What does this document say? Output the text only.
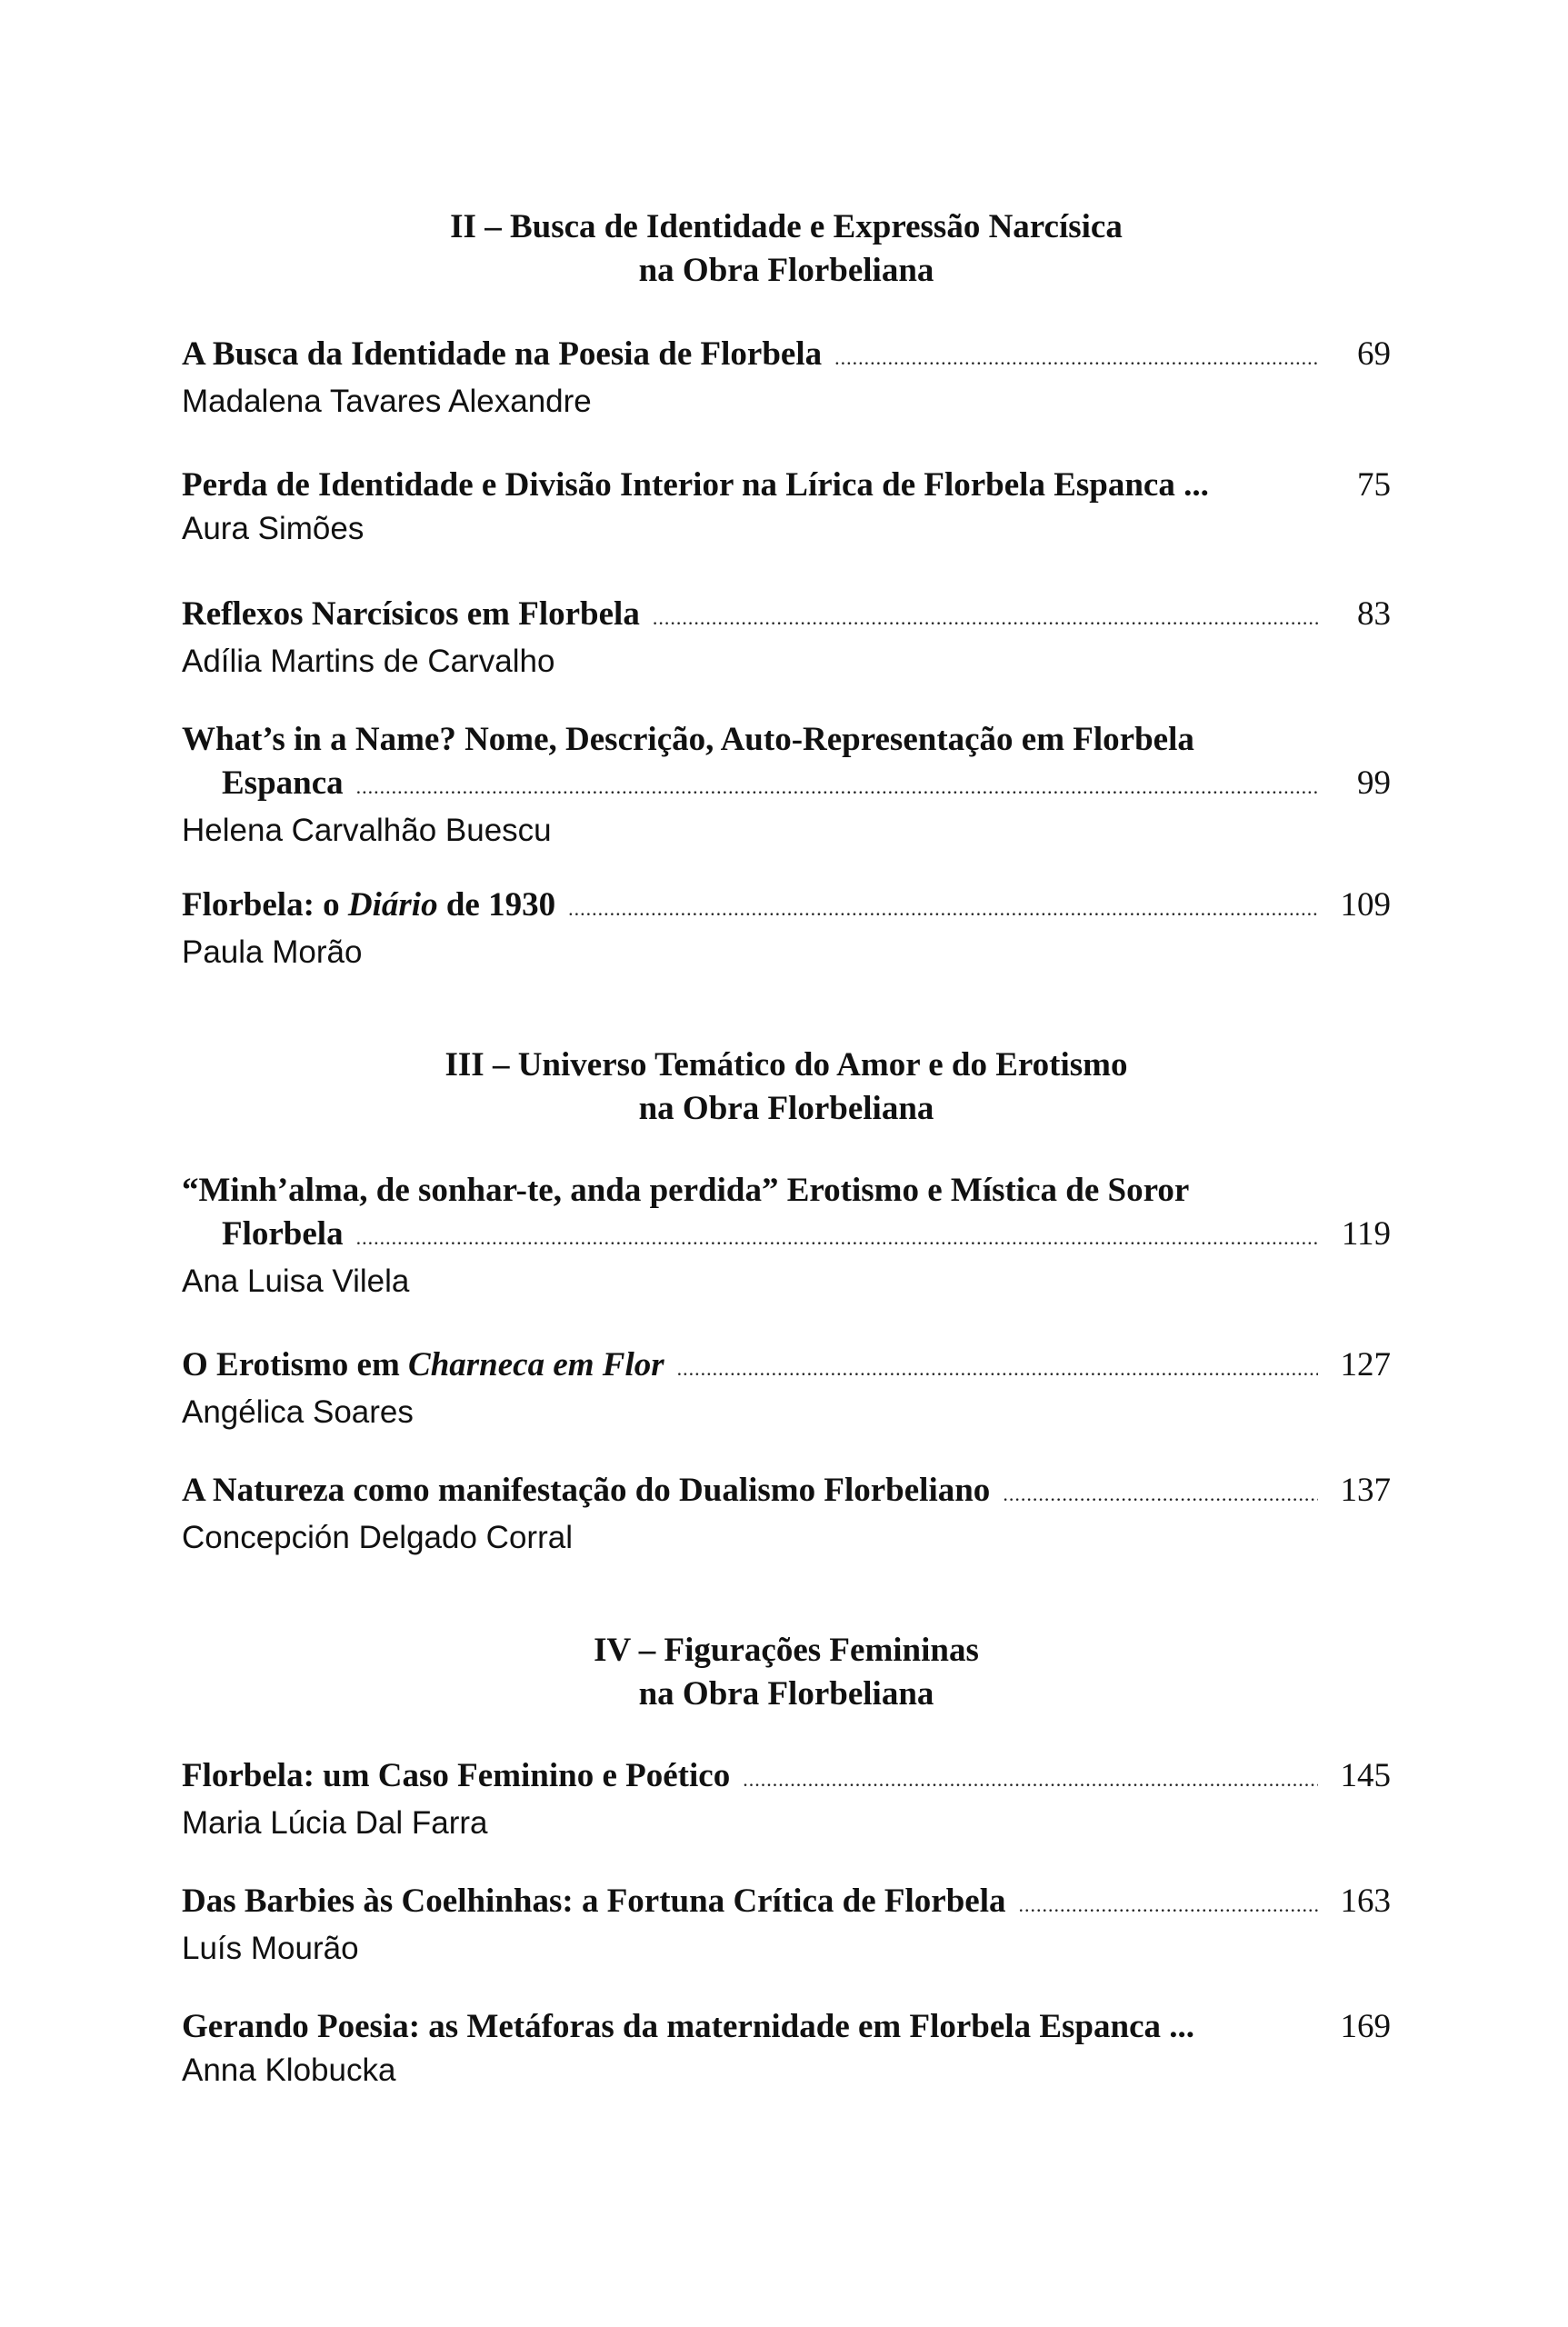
II – Busca de Identidade e Expressão Narcísica
na Obra Florbeliana
A Busca da Identidade na Poesia de Florbela .....	69
Madalena Tavares Alexandre
Perda de Identidade e Divisão Interior na Lírica de Florbela Espanca ...	75
Aura Simões
Reflexos Narcísicos em Florbela .....	83
Adília Martins de Carvalho
What’s in a Name? Nome, Descrição, Auto-Representação em Florbela
Espanca .....	99
Helena Carvalhão Buescu
Florbela: o Diário de 1930 .....	109
Paula Morão
III – Universo Temático do Amor e do Erotismo
na Obra Florbeliana
“Minh’alma, de sonhar-te, anda perdida” Erotismo e Mística de Soror
Florbela .....	119
Ana Luisa Vilela
O Erotismo em Charneca em Flor .....	127
Angélica Soares
A Natureza como manifestação do Dualismo Florbeliano .....	137
Concepción Delgado Corral
IV – Figurações Femininas
na Obra Florbeliana
Florbela: um Caso Feminino e Poético .....	145
Maria Lúcia Dal Farra
Das Barbies às Coelhinhas: a Fortuna Crítica de Florbela .....	163
Luís Mourão
Gerando Poesia: as Metáforas da maternidade em Florbela Espanca ...	169
Anna Klobucka
